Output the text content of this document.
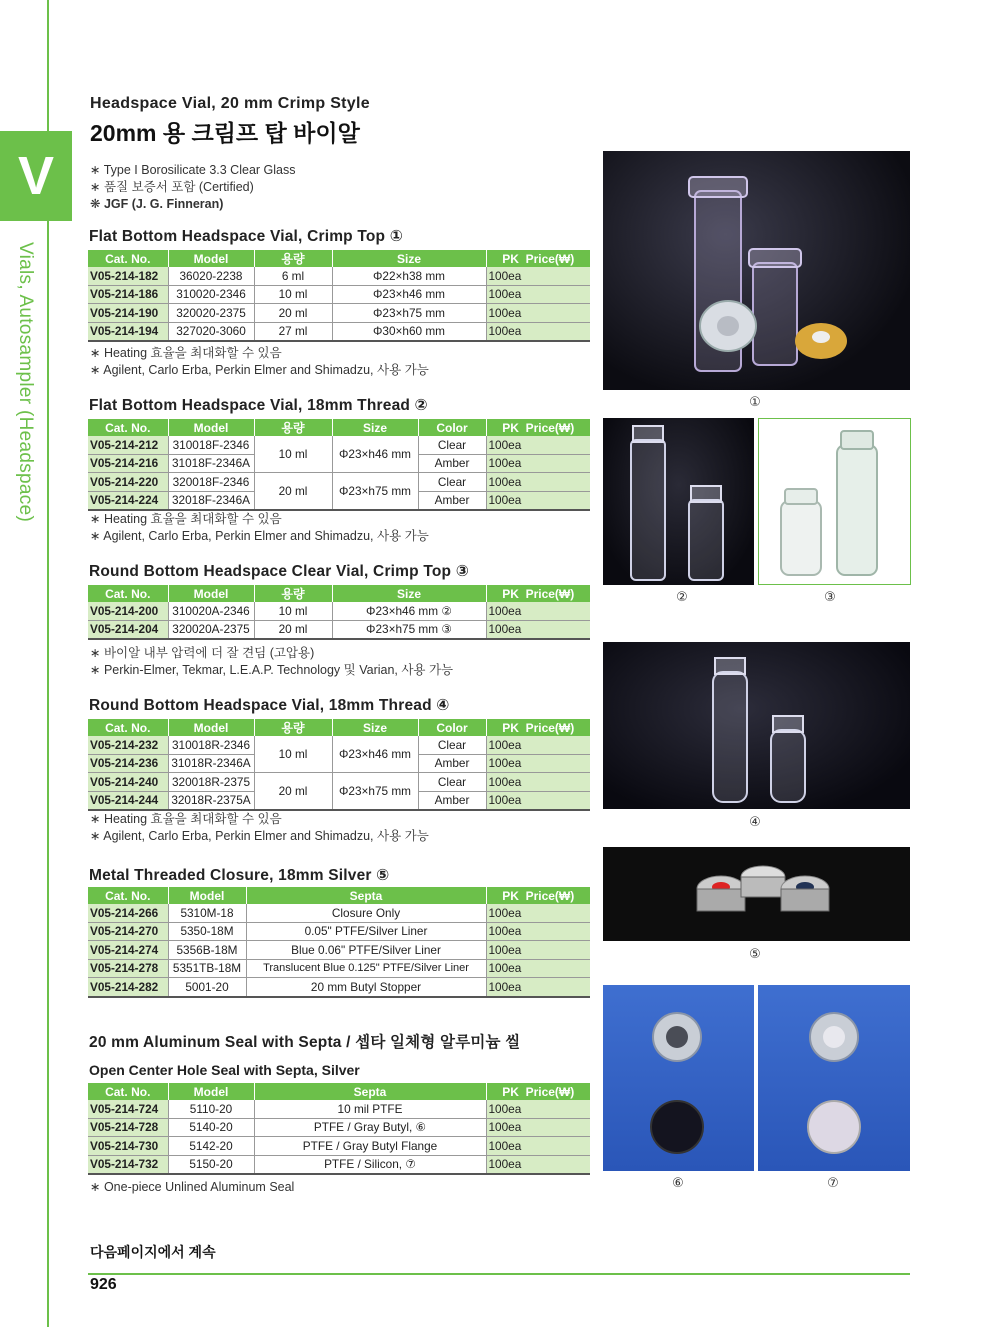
V
Vials, Autosampler (Headspace)
Headspace Vial, 20 mm Crimp Style
20mm 용 크림프 탑 바이알
∗ Type I Borosilicate 3.3 Clear Glass
∗ 품질 보증서 포함 (Certified)
❋ JGF (J. G. Finneran)
Flat Bottom Headspace Vial, Crimp Top ①
Cat. No.	Model	용량	Size	PK Price(₩)
V05-214-182	36020-2238	6 ml	Φ22×h38 mm	100ea
V05-214-186	310020-2346	10 ml	Φ23×h46 mm	100ea
V05-214-190	320020-2375	20 ml	Φ23×h75 mm	100ea
V05-214-194	327020-3060	27 ml	Φ30×h60 mm	100ea
∗ Heating 효율을 최대화할 수 있음
∗ Agilent, Carlo Erba, Perkin Elmer and Shimadzu, 사용 가능
Flat Bottom Headspace Vial, 18mm Thread ②
Cat. No.	Model	용량	Size	Color	PK Price(₩)
V05-214-212	310018F-2346	10 ml	Φ23×h46 mm	Clear	100ea
V05-214-216	31018F-2346A			Amber	100ea
V05-214-220	320018F-2346	20 ml	Φ23×h75 mm	Clear	100ea
V05-214-224	32018F-2346A			Amber	100ea
∗ Heating 효율을 최대화할 수 있음
∗ Agilent, Carlo Erba, Perkin Elmer and Shimadzu, 사용 가능
Round Bottom Headspace Clear Vial, Crimp Top ③
Cat. No.	Model	용량	Size	PK Price(₩)
V05-214-200	310020A-2346	10 ml	Φ23×h46 mm ②	100ea
V05-214-204	320020A-2375	20 ml	Φ23×h75 mm ③	100ea
∗ 바이알 내부 압력에 더 잘 견딤 (고압용)
∗ Perkin-Elmer, Tekmar, L.E.A.P. Technology 및 Varian, 사용 가능
Round Bottom Headspace Vial, 18mm Thread ④
Cat. No.	Model	용량	Size	Color	PK Price(₩)
V05-214-232	310018R-2346	10 ml	Φ23×h46 mm	Clear	100ea
V05-214-236	31018R-2346A			Amber	100ea
V05-214-240	320018R-2375	20 ml	Φ23×h75 mm	Clear	100ea
V05-214-244	32018R-2375A			Amber	100ea
∗ Heating 효율을 최대화할 수 있음
∗ Agilent, Carlo Erba, Perkin Elmer and Shimadzu, 사용 가능
Metal Threaded Closure, 18mm Silver ⑤
Cat. No.	Model	Septa	PK Price(₩)
V05-214-266	5310M-18	Closure Only	100ea
V05-214-270	5350-18M	0.05" PTFE/Silver Liner	100ea
V05-214-274	5356B-18M	Blue 0.06" PTFE/Silver Liner	100ea
V05-214-278	5351TB-18M	Translucent Blue 0.125" PTFE/Silver Liner	100ea
V05-214-282	5001-20	20 mm Butyl Stopper	100ea
20 mm Aluminum Seal with Septa / 셉타 일체형 알루미늄 씰
Open Center Hole Seal with Septa, Silver
Cat. No.	Model	Septa	PK Price(₩)
V05-214-724	5110-20	10 mil PTFE	100ea
V05-214-728	5140-20	PTFE / Gray Butyl, ⑥	100ea
V05-214-730	5142-20	PTFE / Gray Butyl Flange	100ea
V05-214-732	5150-20	PTFE / Silicon, ⑦	100ea
∗ One-piece Unlined Aluminum Seal
①
②	③
④
⑤
⑥	⑦
다음페이지에서 계속
926
